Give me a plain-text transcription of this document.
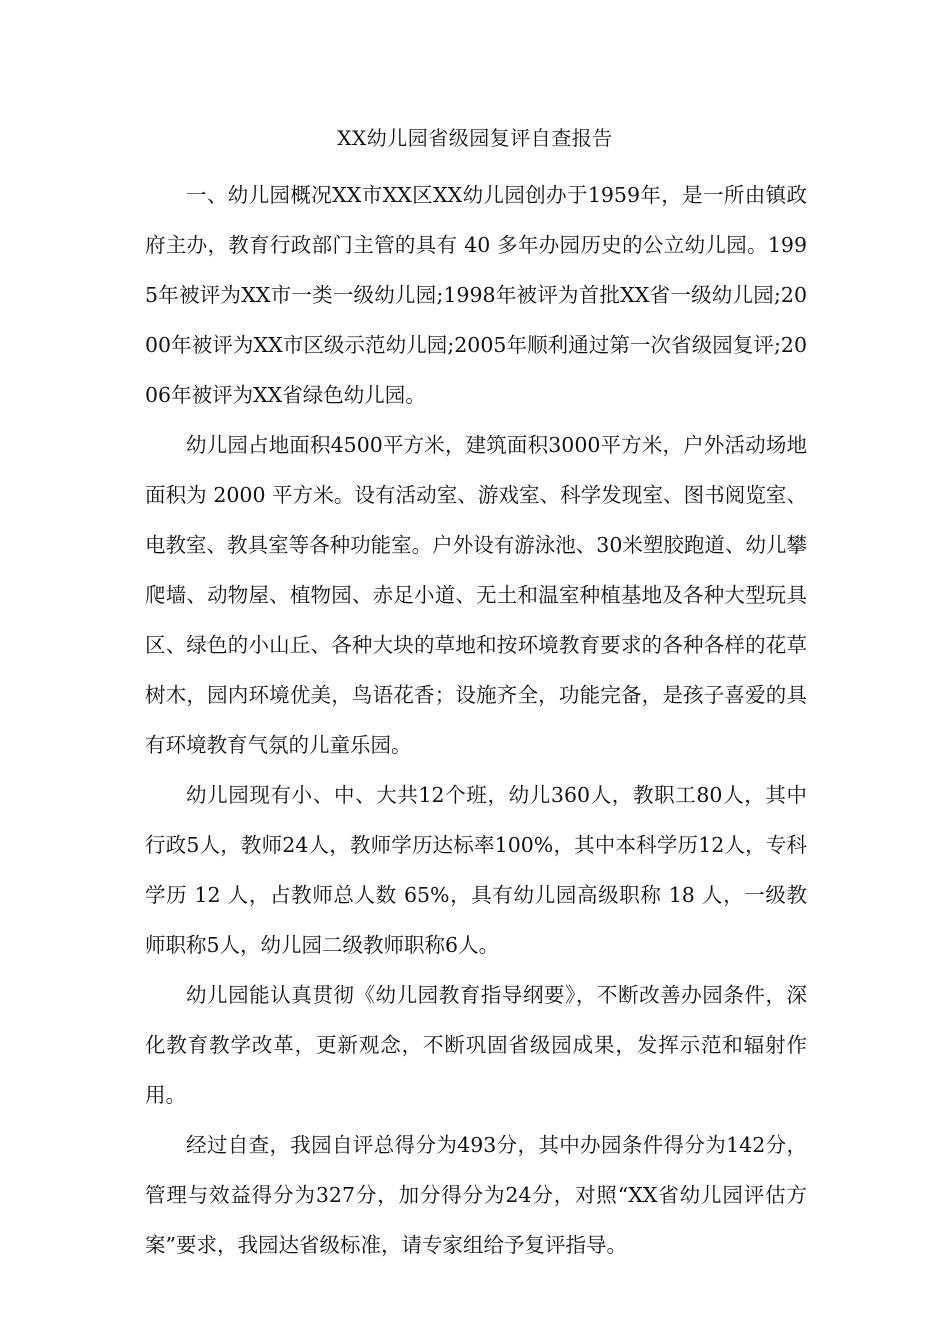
XX幼儿园省级园复评自查报告

一、幼儿园概况XX市XX区XX幼儿园创办于1959年，是一所由镇政府主办，教育行政部门主管的具有 40 多年办园历史的公立幼儿园。1995年被评为XX市一类一级幼儿园;1998年被评为首批XX省一级幼儿园;2000年被评为XX市区级示范幼儿园;2005年顺利通过第一次省级园复评;2006年被评为XX省绿色幼儿园。

幼儿园占地面积4500平方米，建筑面积3000平方米，户外活动场地面积为 2000 平方米。设有活动室、游戏室、科学发现室、图书阅览室、电教室、教具室等各种功能室。户外设有游泳池、30米塑胶跑道、幼儿攀爬墙、动物屋、植物园、赤足小道、无土和温室种植基地及各种大型玩具区、绿色的小山丘、各种大块的草地和按环境教育要求的各种各样的花草树木，园内环境优美，鸟语花香；设施齐全，功能完备，是孩子喜爱的具有环境教育气氛的儿童乐园。

幼儿园现有小、中、大共12个班，幼儿360人，教职工80人，其中行政5人，教师24人，教师学历达标率100%，其中本科学历12人，专科学历 12 人，占教师总人数 65%，具有幼儿园高级职称 18 人，一级教师职称5人，幼儿园二级教师职称6人。

幼儿园能认真贯彻《幼儿园教育指导纲要》，不断改善办园条件，深化教育教学改革，更新观念，不断巩固省级园成果，发挥示范和辐射作用。

经过自查，我园自评总得分为493分，其中办园条件得分为142分，管理与效益得分为327分，加分得分为24分，对照“XX省幼儿园评估方案”要求，我园达省级标准，请专家组给予复评指导。
